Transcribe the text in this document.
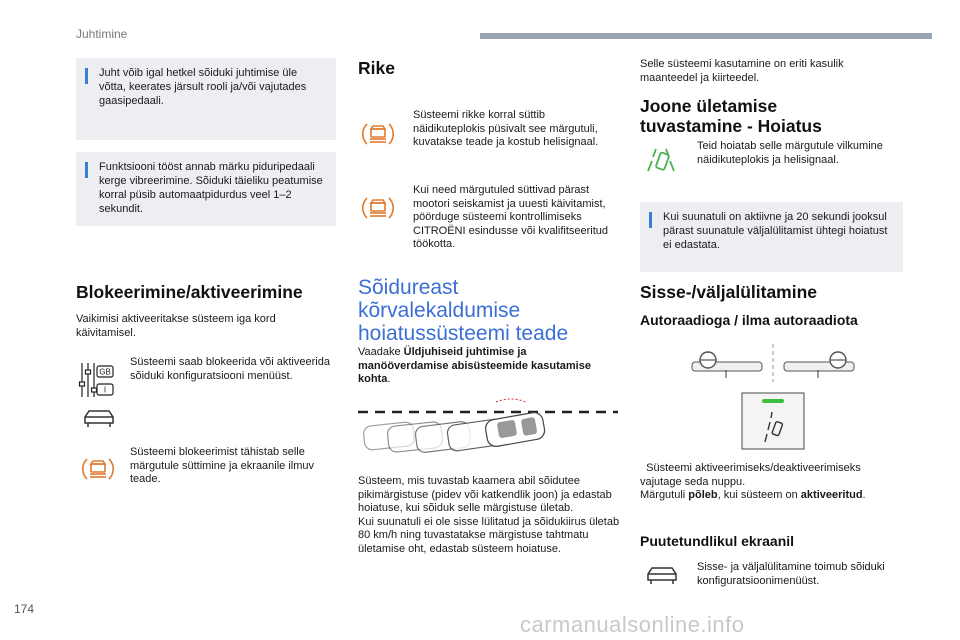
Juhtimine
Juht võib igal hetkel sõiduki juhtimise üle võtta, keerates järsult rooli ja/või vajutades gaasipedaali.
Funktsiooni tööst annab märku piduripedaali kerge vibreerimine. Sõiduki täieliku peatumise korral püsib automaatpidurdus veel 1–2 sekundit.
Blokeerimine/aktiveerimine
Vaikimisi aktiveeritakse süsteem iga kord käivitamisel.
GB
I
Süsteemi saab blokeerida või aktiveerida sõiduki konfiguratsiooni menüüst.
Süsteemi blokeerimist tähistab selle märgutule süttimine ja ekraanile ilmuv teade.
Rike
Süsteemi rikke korral süttib näidikuteplokis püsivalt see märgutuli, kuvatakse teade ja kostub helisignaal.
Kui need märgutuled süttivad pärast mootori seiskamist ja uuesti käivitamist, pöörduge süsteemi kontrollimiseks CITROËNI esindusse või kvalifitseeritud töökotta.
Sõidureast
kõrvalekaldumise
hoiatussüsteemi teade
Vaadake Üldjuhiseid juhtimise ja manööverdamise abisüsteemide kasutamise kohta.
Süsteem, mis tuvastab kaamera abil sõidutee pikimärgistuse (pidev või katkendlik joon) ja edastab hoiatuse, kui sõiduk selle märgistuse ületab.
Kui suunatuli ei ole sisse lülitatud ja sõidukiirus ületab 80 km/h ning tuvastatakse märgistuse tahtmatu ületamise oht, edastab süsteem hoiatuse.
Selle süsteemi kasutamine on eriti kasulik maanteedel ja kiirteedel.
Joone ületamise
tuvastamine - Hoiatus
Teid hoiatab selle märgutule vilkumine näidikuteplokis ja helisignaal.
Kui suunatuli on aktiivne ja 20 sekundi jooksul pärast suunatule väljalülitamist ühtegi hoiatust ei edastata.
Sisse-/väljalülitamine
Autoraadioga / ilma autoraadiota
Süsteemi aktiveerimiseks/deaktiveerimiseks vajutage seda nuppu.
Märgutuli põleb, kui süsteem on aktiveeritud.
Puutetundlikul ekraanil
Sisse- ja väljalülitamine toimub sõiduki konfiguratsioonimenüüst.
174
carmanualsonline.info
